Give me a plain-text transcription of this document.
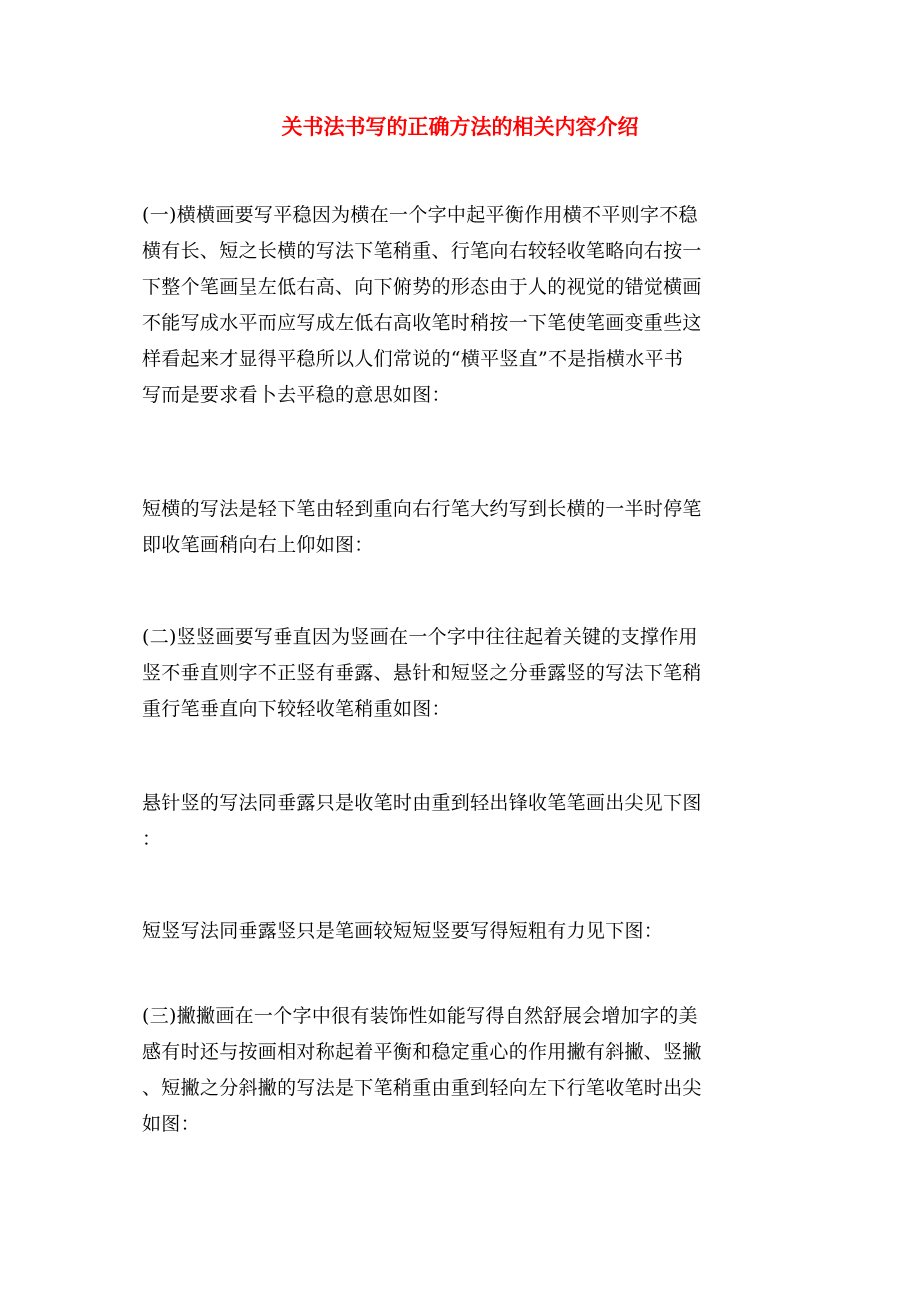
关书法书写的正确方法的相关内容介绍

(一)横横画要写平稳因为横在一个字中起平衡作用横不平则字不稳
横有长、短之长横的写法下笔稍重、行笔向右较轻收笔略向右按一
下整个笔画呈左低右高、向下俯势的形态由于人的视觉的错觉横画
不能写成水平而应写成左低右高收笔时稍按一下笔使笔画变重些这
样看起来才显得平稳所以人们常说的“横平竖直”不是指横水平书
写而是要求看卜去平稳的意思如图：

短横的写法是轻下笔由轻到重向右行笔大约写到长横的一半时停笔
即收笔画稍向右上仰如图：

(二)竖竖画要写垂直因为竖画在一个字中往往起着关键的支撑作用
竖不垂直则字不正竖有垂露、悬针和短竖之分垂露竖的写法下笔稍
重行笔垂直向下较轻收笔稍重如图：

悬针竖的写法同垂露只是收笔时由重到轻出锋收笔笔画出尖见下图
：

短竖写法同垂露竖只是笔画较短短竖要写得短粗有力见下图：

(三)撇撇画在一个字中很有装饰性如能写得自然舒展会增加字的美
感有时还与按画相对称起着平衡和稳定重心的作用撇有斜撇、竖撇
、短撇之分斜撇的写法是下笔稍重由重到轻向左下行笔收笔时出尖
如图：
